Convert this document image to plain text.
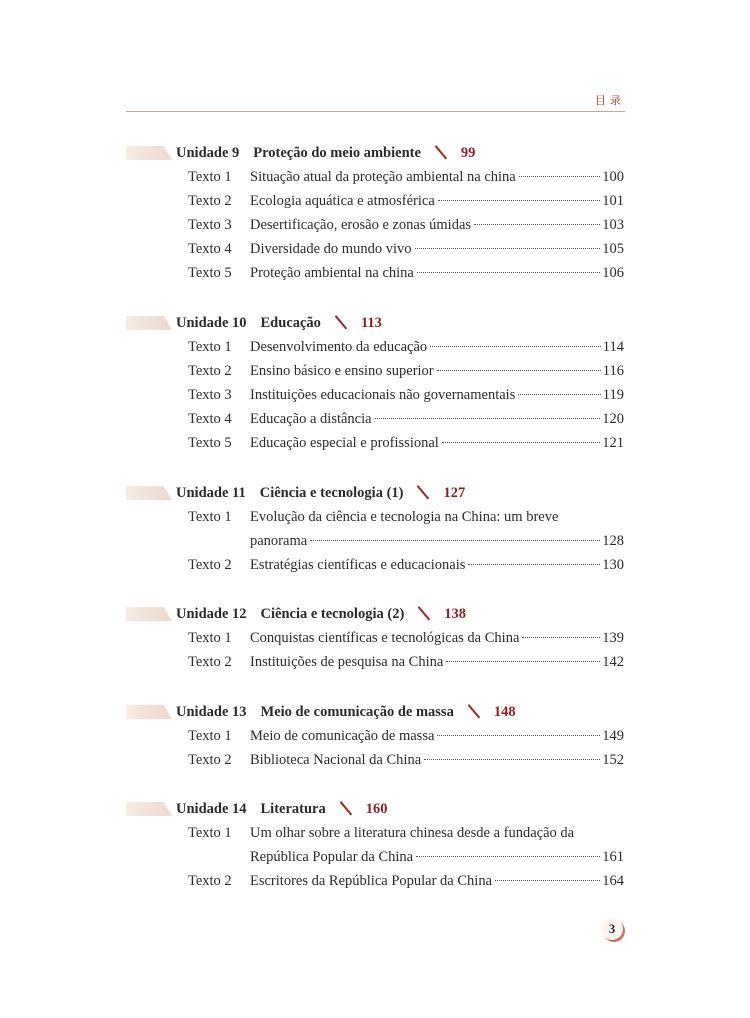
目录
Unidade 9 Proteção do meio ambiente	99
Texto 1 Situação atual da proteção ambiental na china	100
Texto 2 Ecologia aquática e atmosférica	101
Texto 3 Desertificação, erosão e zonas úmidas	103
Texto 4 Diversidade do mundo vivo	105
Texto 5 Proteção ambiental na china	106
Unidade 10 Educação	113
Texto 1 Desenvolvimento da educação	114
Texto 2 Ensino básico e ensino superior	116
Texto 3 Instituições educacionais não governamentais	119
Texto 4 Educação a distância	120
Texto 5 Educação especial e profissional	121
Unidade 11 Ciência e tecnologia (1)	127
Texto 1 Evolução da ciência e tecnologia na China: um breve
panorama	128
Texto 2 Estratégias científicas e educacionais	130
Unidade 12 Ciência e tecnologia (2)	138
Texto 1 Conquistas científicas e tecnológicas da China	139
Texto 2 Instituições de pesquisa na China	142
Unidade 13 Meio de comunicação de massa	148
Texto 1 Meio de comunicação de massa	149
Texto 2 Biblioteca Nacional da China	152
Unidade 14 Literatura	160
Texto 1 Um olhar sobre a literatura chinesa desde a fundação da
República Popular da China	161
Texto 2 Escritores da República Popular da China	164
3
